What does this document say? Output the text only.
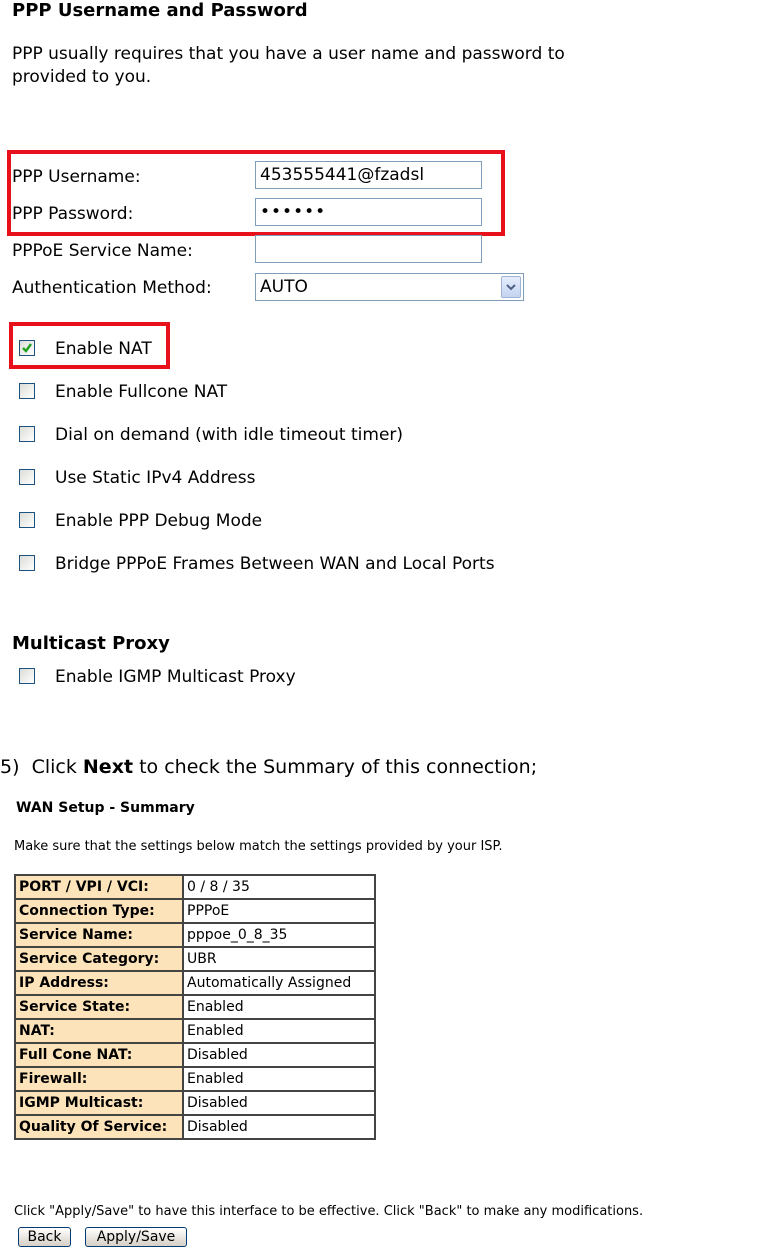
PPP Username and Password
PPP usually requires that you have a user name and password to
provided to you.
PPP Username:	453555441@fzadsl
PPP Password:	••••••
PPPoE Service Name:
Authentication Method:	AUTO
Enable NAT
Enable Fullcone NAT
Dial on demand (with idle timeout timer)
Use Static IPv4 Address
Enable PPP Debug Mode
Bridge PPPoE Frames Between WAN and Local Ports
Multicast Proxy
Enable IGMP Multicast Proxy
5)  Click Next to check the Summary of this connection;
WAN Setup - Summary
Make sure that the settings below match the settings provided by your ISP.
PORT / VPI / VCI:	0 / 8 / 35
Connection Type:	PPPoE
Service Name:	pppoe_0_8_35
Service Category:	UBR
IP Address:	Automatically Assigned
Service State:	Enabled
NAT:	Enabled
Full Cone NAT:	Disabled
Firewall:	Enabled
IGMP Multicast:	Disabled
Quality Of Service:	Disabled
Click "Apply/Save" to have this interface to be effective. Click "Back" to make any modifications.
Back	Apply/Save
